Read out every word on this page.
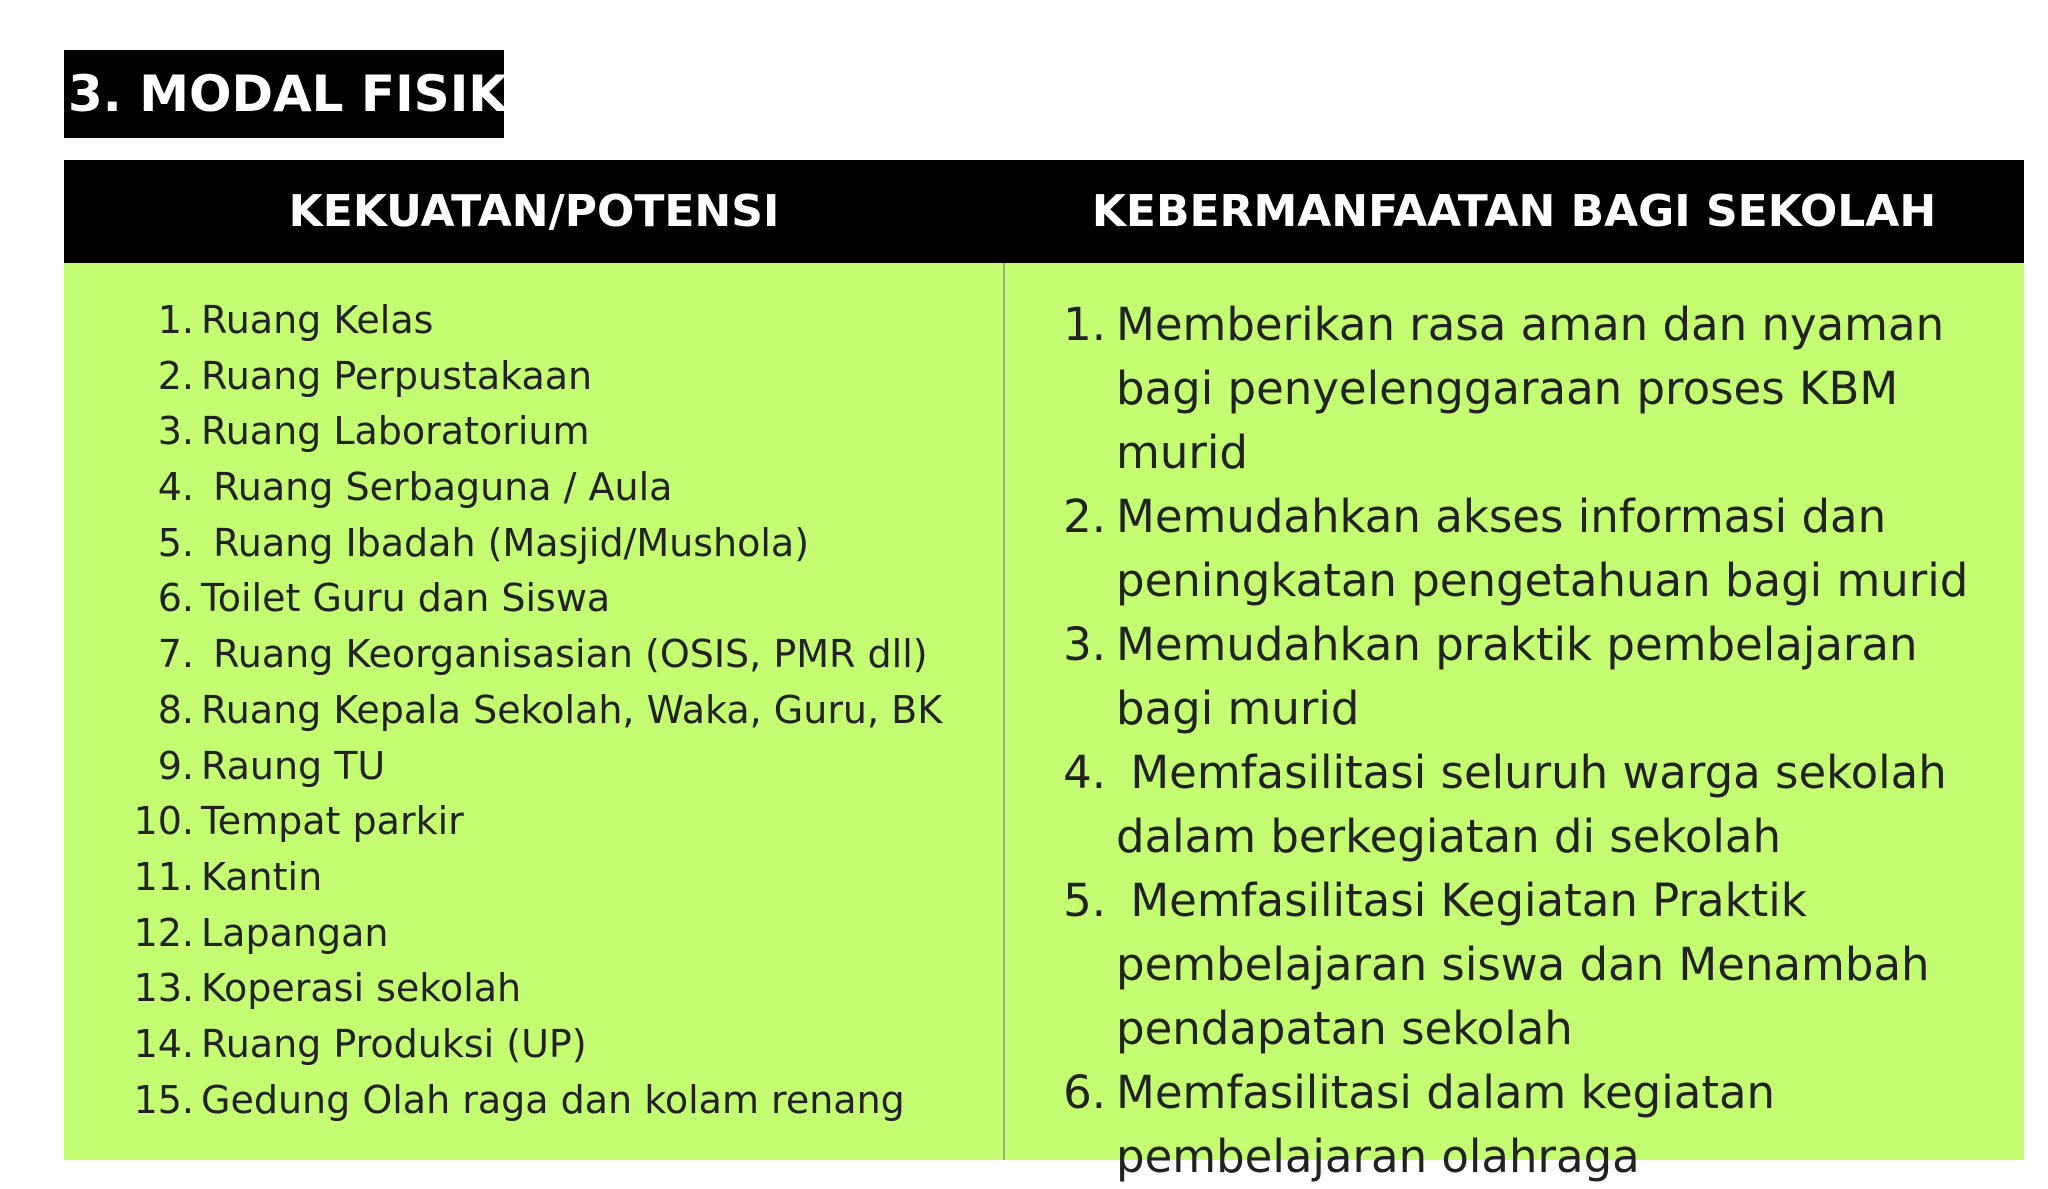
3. MODAL FISIK
KEKUATAN/POTENSI	KEBERMANFAATAN BAGI SEKOLAH
1. Ruang Kelas
2. Ruang Perpustakaan
3. Ruang Laboratorium
4. Ruang Serbaguna / Aula
5. Ruang Ibadah (Masjid/Mushola)
6. Toilet Guru dan Siswa
7. Ruang Keorganisasian (OSIS, PMR dll)
8. Ruang Kepala Sekolah, Waka, Guru, BK
9. Raung TU
10. Tempat parkir
11. Kantin
12. Lapangan
13. Koperasi sekolah
14. Ruang Produksi (UP)
15. Gedung Olah raga dan kolam renang
1. Memberikan rasa aman dan nyaman bagi penyelenggaraan proses KBM murid
2. Memudahkan akses informasi dan peningkatan pengetahuan bagi murid
3. Memudahkan praktik pembelajaran bagi murid
4. Memfasilitasi seluruh warga sekolah dalam berkegiatan di sekolah
5. Memfasilitasi Kegiatan Praktik pembelajaran siswa dan Menambah pendapatan sekolah
6. Memfasilitasi dalam kegiatan pembelajaran olahraga
